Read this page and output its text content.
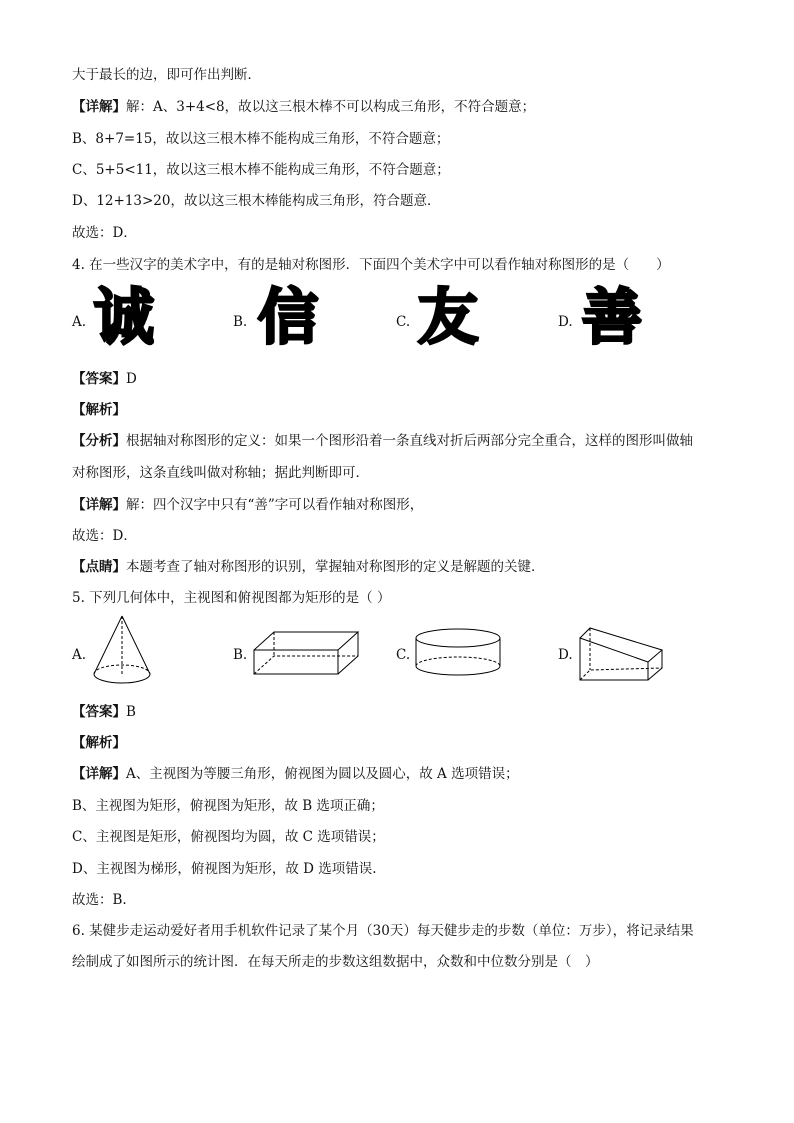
大于最长的边，即可作出判断．
【详解】解：A、3+4<8，故以这三根木棒不可以构成三角形，不符合题意；
B、8+7=15，故以这三根木棒不能构成三角形，不符合题意；
C、5+5<11，故以这三根木棒不能构成三角形，不符合题意；
D、12+13>20，故以这三根木棒能构成三角形，符合题意．
故选：D．
4. 在一些汉字的美术字中，有的是轴对称图形．下面四个美术字中可以看作轴对称图形的是（　　）
A. 诚	B. 信	C. 友	D. 善
【答案】D
【解析】
【分析】根据轴对称图形的定义：如果一个图形沿着一条直线对折后两部分完全重合，这样的图形叫做轴
对称图形，这条直线叫做对称轴；据此判断即可．
【详解】解：四个汉字中只有“善”字可以看作轴对称图形，
故选：D．
【点睛】本题考查了轴对称图形的识别，掌握轴对称图形的定义是解题的关键．
5. 下列几何体中，主视图和俯视图都为矩形的是（ ）
A.	B.	C.	D.
【答案】B
【解析】
【详解】A、主视图为等腰三角形，俯视图为圆以及圆心，故 A 选项错误；
B、主视图为矩形，俯视图为矩形，故 B 选项正确；
C、主视图是矩形，俯视图均为圆，故 C 选项错误；
D、主视图为梯形，俯视图为矩形，故 D 选项错误.
故选：B.
6. 某健步走运动爱好者用手机软件记录了某个月（30天）每天健步走的步数（单位：万步），将记录结果
绘制成了如图所示的统计图．在每天所走的步数这组数据中，众数和中位数分别是（　）
